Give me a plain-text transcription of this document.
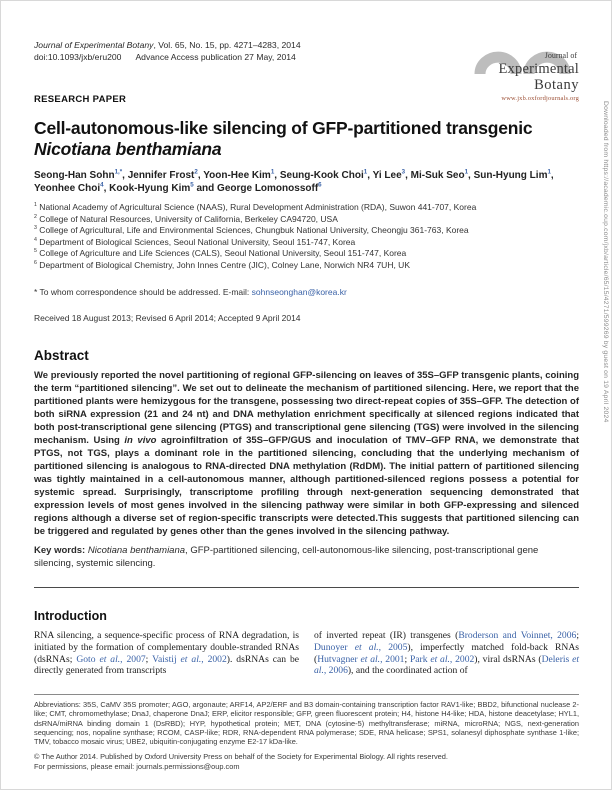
Journal of Experimental Botany, Vol. 65, No. 15, pp. 4271–4283, 2014
doi:10.1093/jxb/eru200 Advance Access publication 27 May, 2014	Journal of
Experimental
Botany
www.jxb.oxfordjournals.org
RESEARCH PAPER
Cell-autonomous-like silencing of GFP-partitioned transgenic
Nicotiana benthamiana
Seong-Han Sohn$^{1,*}$, Jennifer Frost$^2$, Yoon-Hee Kim$^1$, Seung-Kook Choi$^1$, Yi Lee$^3$, Mi-Suk Seo$^1$, Sun-Hyung Lim$^1$, Yeonhee Choi$^4$, Kook-Hyung Kim$^5$ and George Lomonossoff$^6$
$^1$ National Academy of Agricultural Science (NAAS), Rural Development Administration (RDA), Suwon 441-707, Korea
$^2$ College of Natural Resources, University of California, Berkeley CA94720, USA
$^3$ College of Agricultural, Life and Environmental Sciences, Chungbuk National University, Cheongju 361-763, Korea
$^4$ Department of Biological Sciences, Seoul National University, Seoul 151-747, Korea
$^5$ College of Agriculture and Life Sciences (CALS), Seoul National University, Seoul 151-747, Korea
$^6$ Department of Biological Chemistry, John Innes Centre (JIC), Colney Lane, Norwich NR4 7UH, UK
* To whom correspondence should be addressed. E-mail: sohnseonghan@korea.kr
Received 18 August 2013; Revised 6 April 2014; Accepted 9 April 2014
Abstract
We previously reported the novel partitioning of regional GFP-silencing on leaves of 35S–GFP transgenic plants, coining the term “partitioned silencing”. We set out to delineate the mechanism of partitioned silencing. Here, we report that the partitioned plants were hemizygous for the transgene, possessing two direct-repeat copies of 35S–GFP. The detection of both siRNA expression (21 and 24 nt) and DNA methylation enrichment specifically at silenced regions indicated that both post-transcriptional gene silencing (PTGS) and transcriptional gene silencing (TGS) were involved in the silencing mechanism. Using in vivo agroinfiltration of 35S–GFP/GUS and inoculation of TMV–GFP RNA, we demonstrate that PTGS, not TGS, plays a dominant role in the partitioned silencing, concluding that the underlying mechanism of partitioned silencing is analogous to RNA-directed DNA methylation (RdDM). The initial pattern of partitioned silencing was tightly maintained in a cell-autonomous manner, although partitioned-silenced regions possess a potential for systemic spread. Surprisingly, transcriptome profiling through next-generation sequencing demonstrated that expression levels of most genes involved in the silencing pathway were similar in both GFP-expressing and silenced regions although a diverse set of region-specific transcripts were detected.This suggests that partitioned silencing can be triggered and regulated by genes other than the genes involved in the silencing pathway.
Key words: Nicotiana benthamiana, GFP-partitioned silencing, cell-autonomous-like silencing, post-transcriptional gene silencing, systemic silencing.
Introduction
RNA silencing, a sequence-specific process of RNA degradation, is initiated by the formation of complementary double-stranded RNAs (dsRNAs; Goto et al., 2007; Vaistij et al., 2002). dsRNAs can be directly generated from transcripts
of inverted repeat (IR) transgenes (Broderson and Voinnet, 2006; Dunoyer et al., 2005), imperfectly matched fold-back RNAs (Hutvagner et al., 2001; Park et al., 2002), viral dsRNAs (Deleris et al., 2006), and the coordinated action of
Abbreviations: 35S, CaMV 35S promoter; AGO, argonaute; ARF14, AP2/ERF and B3 domain-containing transcription factor RAV1-like; BBD2, bifunctional nuclease 2-like; CMT, chromomethylase; DnaJ, chaperone DnaJ; ERP, elicitor responsible; GFP, green fluorescent protein; H4, histone H4-like; HDA, histone deacetylase; HYL1, dsRNA/miRNA binding domain 1 (DsRBD); HYP, hypothetical protein; MET, DNA (cytosine-5) methyltransferase; miRNA, microRNA; NGS, next-generation sequencing; nos, nopaline synthase; RCOM, CASP-like; RDR, RNA-dependent RNA polymerase; SDE, RNA helicase; SPS1, solanesyl diphosphate synthase 1-like; TMV, tobacco mosaic virus; UBE2, ubiquitin-conjugating enzyme E2-17 kDa-like.
© The Author 2014. Published by Oxford University Press on behalf of the Society for Experimental Biology. All rights reserved.
For permissions, please email: journals.permissions@oup.com
Downloaded from https://academic.oup.com/jxb/article/65/15/4271/599269 by guest on 19 April 2024
